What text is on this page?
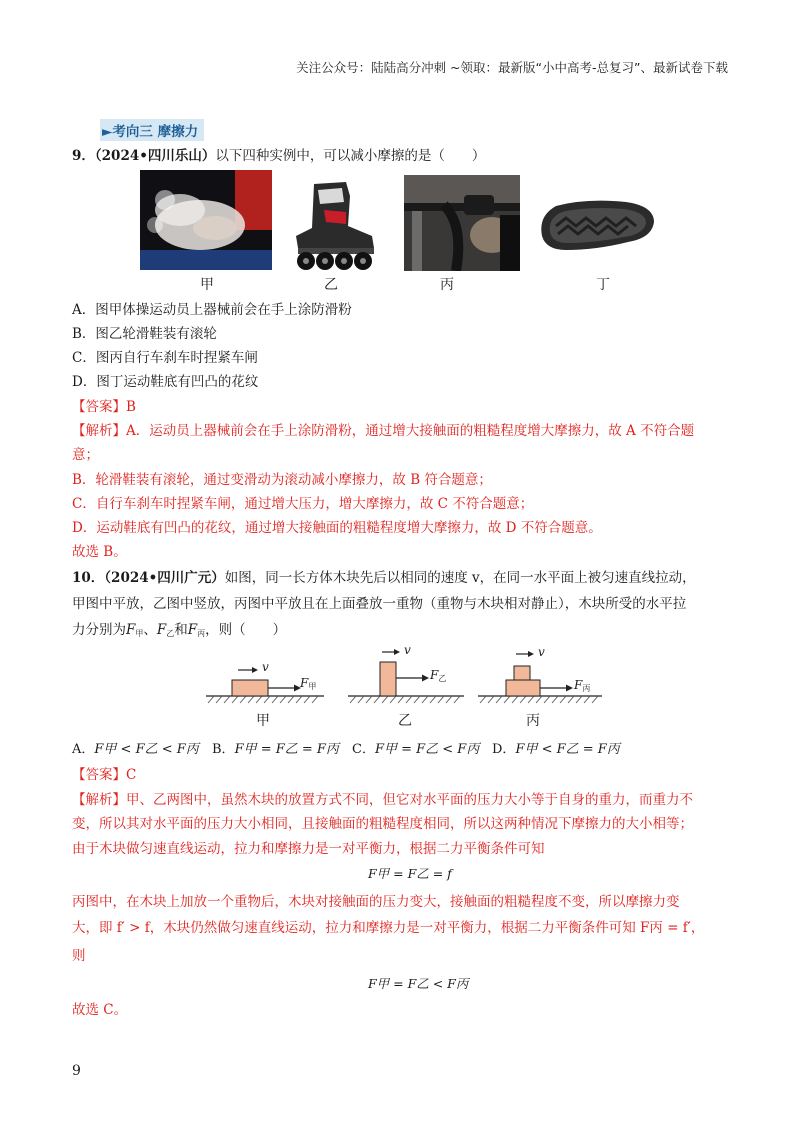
关注公众号：陆陆高分冲刺 ~领取：最新版“小中高考-总复习”、最新试卷下载
►考向三 摩擦力
9．（2024•四川乐山）以下四种实例中，可以减小摩擦的是（　　）
甲	乙	丙	丁
A．图甲体操运动员上器械前会在手上涂防滑粉
B．图乙轮滑鞋装有滚轮
C．图丙自行车刹车时捏紧车闸
D．图丁运动鞋底有凹凸的花纹
【答案】B
【解析】A．运动员上器械前会在手上涂防滑粉，通过增大接触面的粗糙程度增大摩擦力，故 A 不符合题
意；
B．轮滑鞋装有滚轮，通过变滑动为滚动减小摩擦力，故 B 符合题意；
C．自行车刹车时捏紧车闸，通过增大压力，增大摩擦力，故 C 不符合题意；
D．运动鞋底有凹凸的花纹，通过增大接触面的粗糙程度增大摩擦力，故 D 不符合题意。
故选 B。
10．（2024•四川广元）如图，同一长方体木块先后以相同的速度 v，在同一水平面上被匀速直线拉动，
甲图中平放，乙图中竖放，丙图中平放且在上面叠放一重物（重物与木块相对静止），木块所受的水平拉
力分别为$F_甲$、$F_乙$和$F_丙$，则（　　）
v
$F_甲$
甲
v
$F_乙$
乙
v
$F_丙$
丙
A．F甲 < F乙 < F丙 B．F甲 = F乙 = F丙 C．F甲 = F乙 < F丙 D．F甲 < F乙 = F丙
【答案】C
【解析】甲、乙两图中，虽然木块的放置方式不同，但它对水平面的压力大小等于自身的重力，而重力不
变，所以其对水平面的压力大小相同，且接触面的粗糙程度相同，所以这两种情况下摩擦力的大小相等；
由于木块做匀速直线运动，拉力和摩擦力是一对平衡力，根据二力平衡条件可知
F甲 = F乙 = f
丙图中，在木块上加放一个重物后，木块对接触面的压力变大，接触面的粗糙程度不变，所以摩擦力变
大，即 f′ > f，木块仍然做匀速直线运动，拉力和摩擦力是一对平衡力，根据二力平衡条件可知 F丙 = f′，
则
F甲 = F乙 < F丙
故选 C。
9
